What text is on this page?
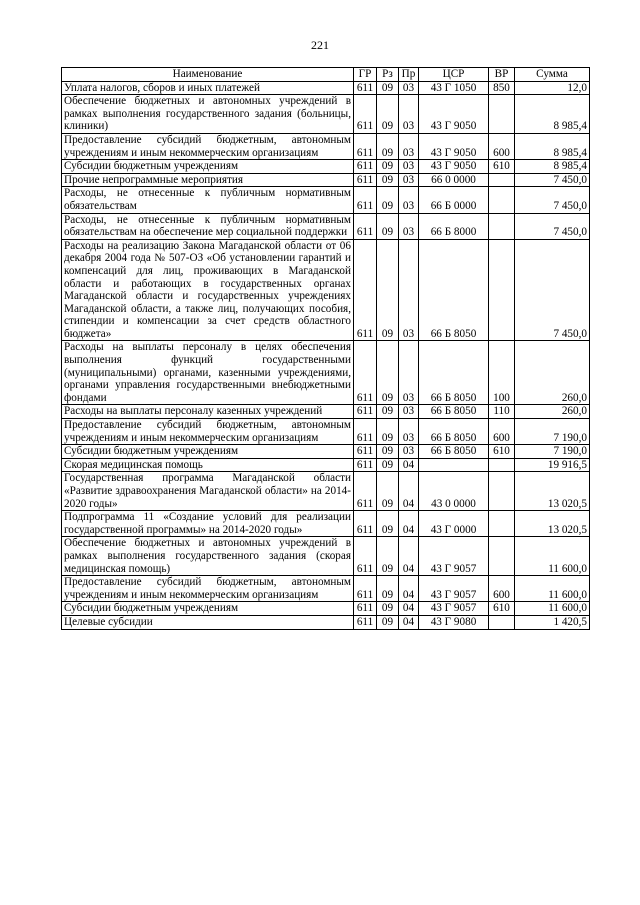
221
Наименование	ГР	Рз	Пр	ЦСР	ВР	Сумма
Уплата налогов, сборов и иных платежей	611	09	03	43 Г 1050	850	12,0
Обеспечение бюджетных и автономных учреждений в рамках выполнения государственного задания (больницы, клиники)	611	09	03	43 Г 9050		8 985,4
Предоставление субсидий бюджетным, автономным учреждениям и иным некоммерческим организациям	611	09	03	43 Г 9050	600	8 985,4
Субсидии бюджетным учреждениям	611	09	03	43 Г 9050	610	8 985,4
Прочие непрограммные мероприятия	611	09	03	66 0 0000		7 450,0
Расходы, не отнесенные к публичным нормативным обязательствам	611	09	03	66 Б 0000		7 450,0
Расходы, не отнесенные к публичным нормативным обязательствам на обеспечение мер социальной поддержки	611	09	03	66 Б 8000		7 450,0
Расходы на реализацию Закона Магаданской области от 06 декабря 2004 года № 507-ОЗ «Об установлении гарантий и компенсаций для лиц, проживающих в Магаданской области и работающих в государственных органах Магаданской области и государственных учреждениях Магаданской области, а также лиц, получающих пособия, стипендии и компенсации за счет средств областного бюджета»	611	09	03	66 Б 8050		7 450,0
Расходы на выплаты персоналу в целях обеспечения выполнения функций государственными (муниципальными) органами, казенными учреждениями, органами управления государственными внебюджетными фондами	611	09	03	66 Б 8050	100	260,0
Расходы на выплаты персоналу казенных учреждений	611	09	03	66 Б 8050	110	260,0
Предоставление субсидий бюджетным, автономным учреждениям и иным некоммерческим организациям	611	09	03	66 Б 8050	600	7 190,0
Субсидии бюджетным учреждениям	611	09	03	66 Б 8050	610	7 190,0
Скорая медицинская помощь	611	09	04			19 916,5
Государственная программа Магаданской области «Развитие здравоохранения Магаданской области» на 2014-2020 годы»	611	09	04	43 0 0000		13 020,5
Подпрограмма 11 «Создание условий для реализации государственной программы» на 2014-2020 годы»	611	09	04	43 Г 0000		13 020,5
Обеспечение бюджетных и автономных учреждений в рамках выполнения государственного задания (скорая медицинская помощь)	611	09	04	43 Г 9057		11 600,0
Предоставление субсидий бюджетным, автономным учреждениям и иным некоммерческим организациям	611	09	04	43 Г 9057	600	11 600,0
Субсидии бюджетным учреждениям	611	09	04	43 Г 9057	610	11 600,0
Целевые субсидии	611	09	04	43 Г 9080		1 420,5
